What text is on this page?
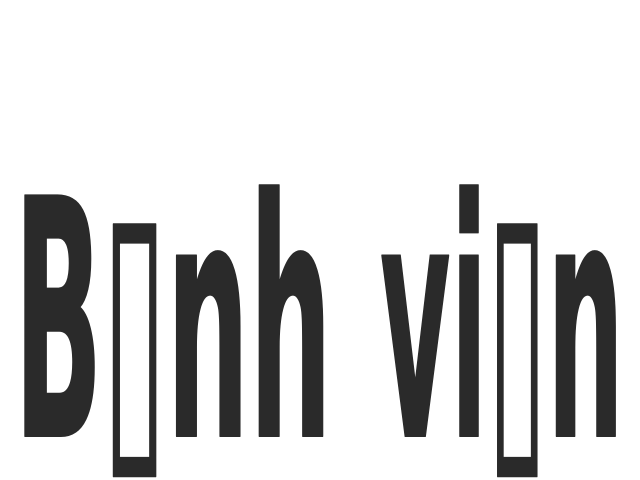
B▯nh vi▯n
